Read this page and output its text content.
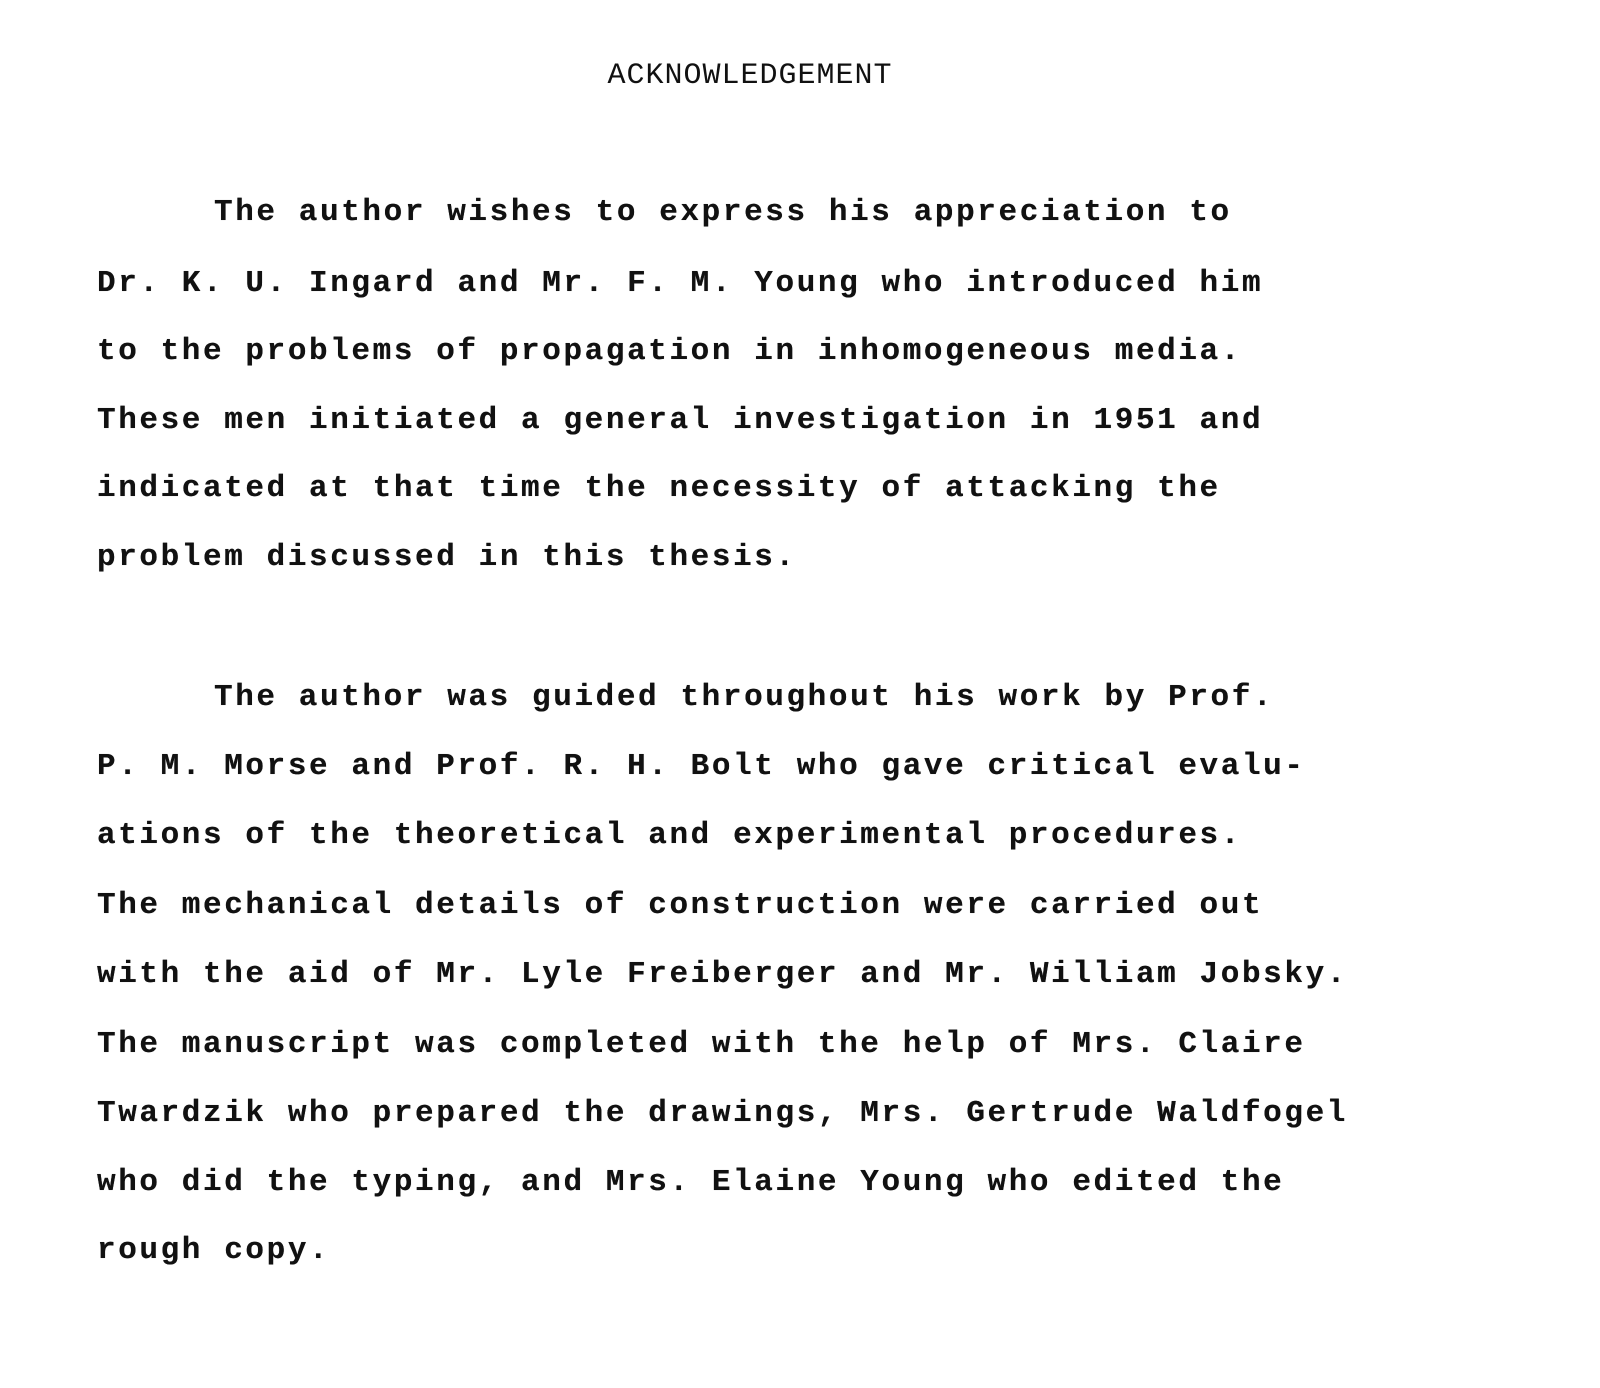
ACKNOWLEDGEMENT
The author wishes to express his appreciation to
Dr. K. U. Ingard and Mr. F. M. Young who introduced him
to the problems of propagation in inhomogeneous media.
These men initiated a general investigation in 1951 and
indicated at that time the necessity of attacking the
problem discussed in this thesis.
The author was guided throughout his work by Prof.
P. M. Morse and Prof. R. H. Bolt who gave critical evalu-
ations of the theoretical and experimental procedures.
The mechanical details of construction were carried out
with the aid of Mr. Lyle Freiberger and Mr. William Jobsky.
The manuscript was completed with the help of Mrs. Claire
Twardzik who prepared the drawings, Mrs. Gertrude Waldfogel
who did the typing, and Mrs. Elaine Young who edited the
rough copy.
